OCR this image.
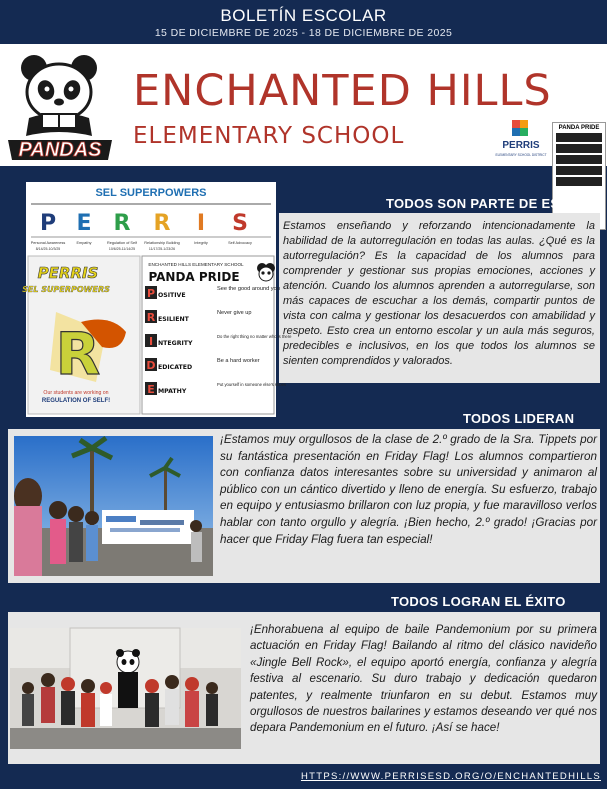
BOLETÍN ESCOLAR
15 DE DICIEMBRE DE 2025 - 18 DE DICIEMBRE DE 2025
PANDAS
ENCHANTED HILLS
ELEMENTARY SCHOOL	PERRIS
ELEMENTARY SCHOOL DISTRICT
PANDA PRIDE
TODOS SON PARTE DE ESTO
Estamos enseñando y reforzando intencionadamente la habilidad de la autorregulación en todas las aulas. ¿Qué es la autorregulación? Es la capacidad de los alumnos para comprender y gestionar sus propias emociones, acciones y atención. Cuando los alumnos aprenden a autorregularse, son más capaces de escuchar a los demás, compartir puntos de vista con calma y gestionar los desacuerdos con amabilidad y respeto. Esto crea un entorno escolar y un aula más seguros, predecibles e inclusivos, en los que todos los alumnos se sienten comprendidos y valorados.
SEL SUPERPOWERS
P E R R I S
Personal Awareness	Empathy	Regulation of Self Relationship Building	Integrity	Self Advocacy
8/14/25-10/3/25	10/6/25-11/14/25	11/17/25-1/23/26
PERRIS
SEL SUPERPOWERS
R
Our students are working on
REGULATION OF SELF!
ENCHANTED HILLS ELEMENTARY SCHOOL
PANDA PRIDE
P OSITIVE
See the good around you
R ESILIENT
Never give up
I NTEGRITY
Do the right thing no matter who is there
D EDICATED
Be a hard worker
E MPATHY
Put yourself in someone else's shoes
TODOS LIDERAN
¡Estamos muy orgullosos de la clase de 2.º grado de la Sra. Tippets por su fantástica presentación en Friday Flag! Los alumnos compartieron con confianza datos interesantes sobre su universidad y animaron al público con un cántico divertido y lleno de energía. Su esfuerzo, trabajo en equipo y entusiasmo brillaron con luz propia, y fue maravilloso verlos hablar con tanto orgullo y alegría. ¡Bien hecho, 2.º grado! ¡Gracias por hacer que Friday Flag fuera tan especial!
TODOS LOGRAN EL ÉXITO
¡Enhorabuena al equipo de baile Pandemonium por su primera actuación en Friday Flag! Bailando al ritmo del clásico navideño «Jingle Bell Rock», el equipo aportó energía, confianza y alegría festiva al escenario. Su duro trabajo y dedicación quedaron patentes, y realmente triunfaron en su debut. Estamos muy orgullosos de nuestros bailarines y estamos deseando ver qué nos depara Pandemonium en el futuro. ¡Así se hace!
HTTPS://WWW.PERRISESD.ORG/O/ENCHANTEDHILLS
